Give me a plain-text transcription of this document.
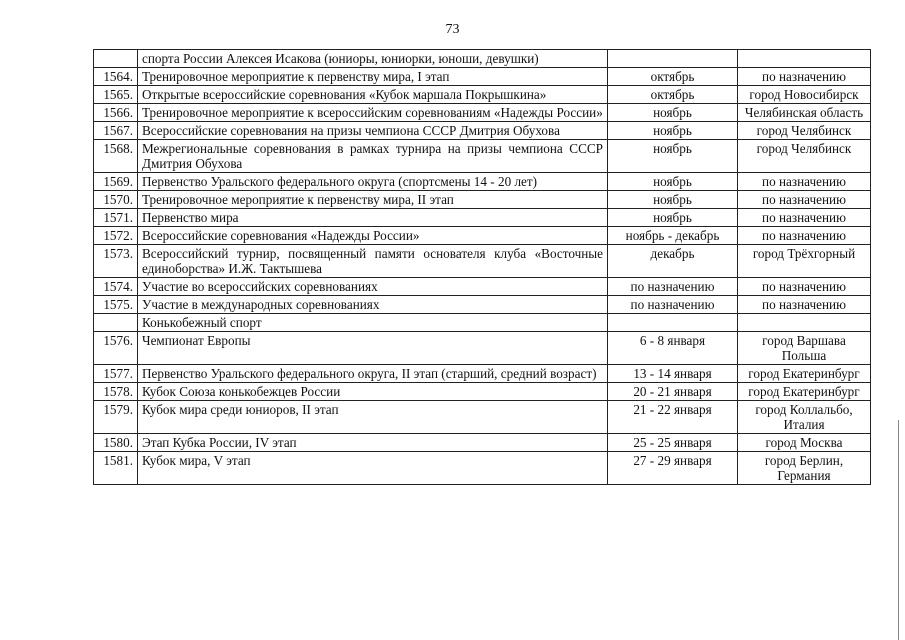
73
	спорта России Алексея Исакова (юниоры, юниорки, юноши, девушки)		
1564.	Тренировочное мероприятие к первенству мира, I этап	октябрь	по назначению
1565.	Открытые всероссийские соревнования «Кубок маршала Покрышкина»	октябрь	город Новосибирск
1566.	Тренировочное мероприятие к всероссийским соревнованиям «Надежды России»	ноябрь	Челябинская область
1567.	Всероссийские соревнования на призы чемпиона СССР Дмитрия Обухова	ноябрь	город Челябинск
1568.	Межрегиональные соревнования в рамках турнира на призы чемпиона СССР Дмитрия Обухова	ноябрь	город Челябинск
1569.	Первенство Уральского федерального округа (спортсмены 14 - 20 лет)	ноябрь	по назначению
1570.	Тренировочное мероприятие к первенству мира, II этап	ноябрь	по назначению
1571.	Первенство мира	ноябрь	по назначению
1572.	Всероссийские соревнования «Надежды России»	ноябрь - декабрь	по назначению
1573.	Всероссийский турнир, посвященный памяти основателя клуба «Восточные единоборства» И.Ж. Тактышева	декабрь	город Трёхгорный
1574.	Участие во всероссийских соревнованиях	по назначению	по назначению
1575.	Участие в международных соревнованиях	по назначению	по назначению
	Конькобежный спорт		
1576.	Чемпионат Европы	6 - 8 января	город Варшава Польша
1577.	Первенство Уральского федерального округа, II этап (старший, средний возраст)	13 - 14 января	город Екатеринбург
1578.	Кубок Союза конькобежцев России	20 - 21 января	город Екатеринбург
1579.	Кубок мира среди юниоров, II этап	21 - 22 января	город Коллальбо, Италия
1580.	Этап Кубка России, IV этап	25 - 25 января	город Москва
1581.	Кубок мира, V этап	27 - 29 января	город Берлин, Германия
